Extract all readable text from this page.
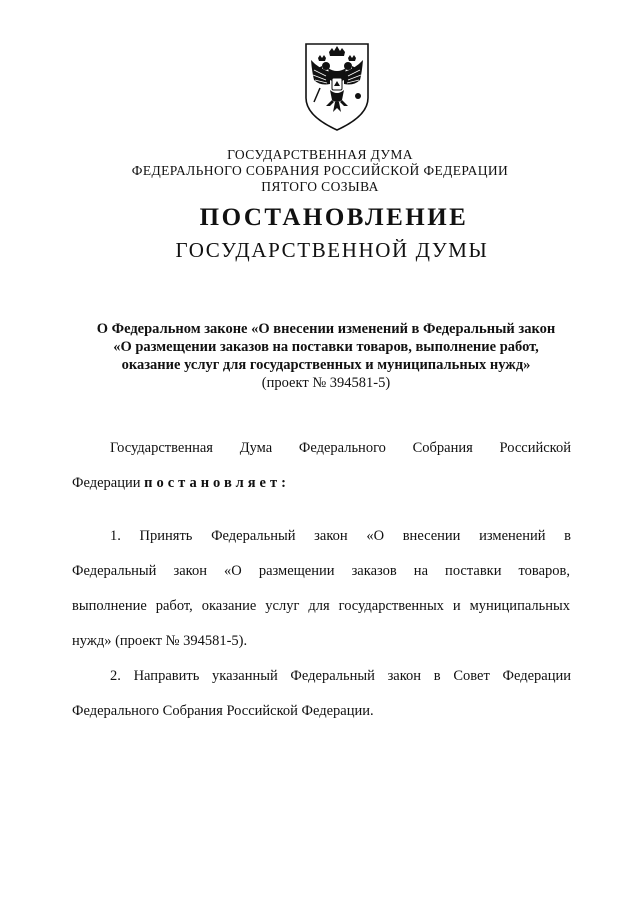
ГОСУДАРСТВЕННАЯ ДУМА
ФЕДЕРАЛЬНОГО СОБРАНИЯ РОССИЙСКОЙ ФЕДЕРАЦИИ
ПЯТОГО СОЗЫВА
ПОСТАНОВЛЕНИЕ
ГОСУДАРСТВЕННОЙ ДУМЫ
О Федеральном законе «О внесении изменений в Федеральный закон
«О размещении заказов на поставки товаров, выполнение работ,
оказание услуг для государственных и муниципальных нужд»
(проект № 394581-5)
Государственная Дума Федерального Собрания Российской
Федерации постановляет:
1. Принять Федеральный закон «О внесении изменений в
Федеральный закон «О размещении заказов на поставки товаров,
выполнение работ, оказание услуг для государственных и муниципальных
нужд» (проект № 394581-5).
2. Направить указанный Федеральный закон в Совет Федерации
Федерального Собрания Российской Федерации.
